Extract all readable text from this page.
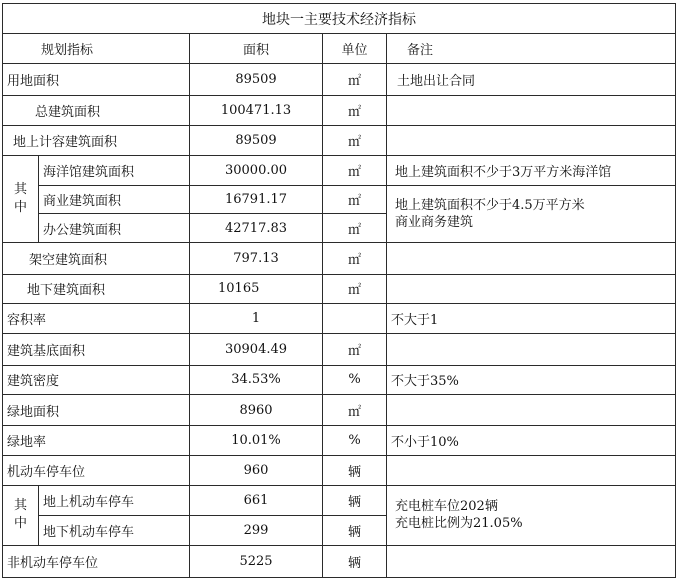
地块一主要技术经济指标				
规划指标		面积	单位	备注
用地面积		89509	㎡	土地出让合同
总建筑面积		100471.13	㎡	
地上计容建筑面积		89509	㎡	
其
中	海洋馆建筑面积	30000.00	㎡	地上建筑面积不少于3万平方米海洋馆
	商业建筑面积	16791.17	㎡	地上建筑面积不少于4.5万平方米
商业商务建筑
	办公建筑面积	42717.83	㎡	
架空建筑面积		797.13	㎡	
地下建筑面积		10165	㎡	
容积率		1		不大于1
建筑基底面积		30904.49	㎡	
建筑密度		34.53%	%	不大于35%
绿地面积		8960	㎡	
绿地率		10.01%	%	不小于10%
机动车停车位		960	辆	
其
中	地上机动车停车	661	辆	充电桩车位202辆
充电桩比例为21.05%
	地下机动车停车	299	辆	
非机动车停车位		5225	辆	
